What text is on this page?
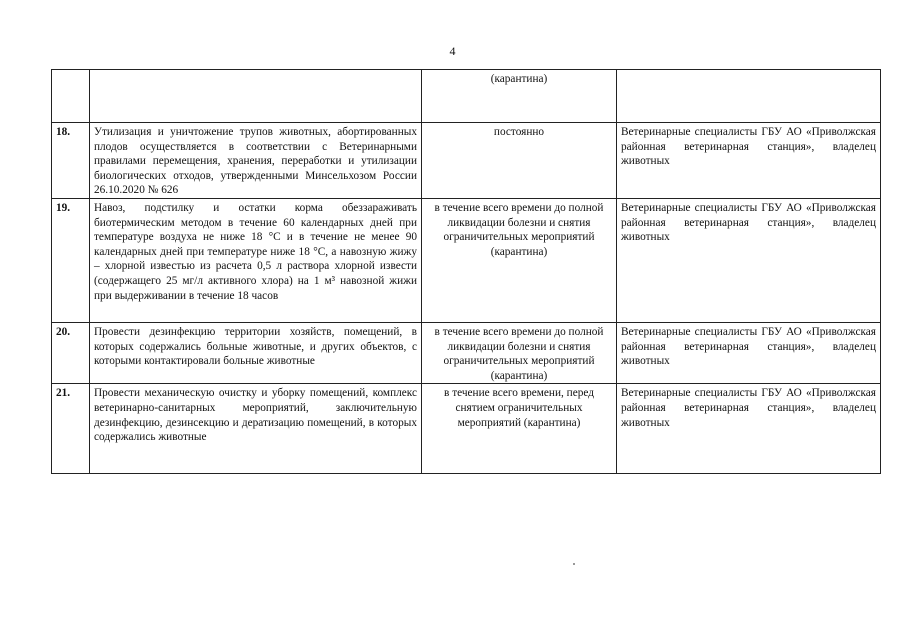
4
		(карантина)	
18.	Утилизация и уничтожение трупов животных, абортированных плодов осуществляется в соответствии с Ветеринарными правилами перемещения, хранения, переработки и утилизации биологических отходов, утвержденными Минсельхозом России 26.10.2020 № 626	постоянно	Ветеринарные специалисты ГБУ АО «Приволжская районная ветеринарная станция», владелец животных
19.	Навоз, подстилку и остатки корма обеззараживать биотермическим методом в течение 60 календарных дней при температуре воздуха не ниже 18 °С и в течение не менее 90 календарных дней при температуре ниже 18 °С, а навозную жижу – хлорной известью из расчета 0,5 л раствора хлорной извести (содержащего 25 мг/л активного хлора) на 1 м³ навозной жижи при выдерживании в течение 18 часов	в течение всего времени до полной ликвидации болезни и снятия ограничительных мероприятий (карантина)	Ветеринарные специалисты ГБУ АО «Приволжская районная ветеринарная станция», владелец животных
20.	Провести дезинфекцию территории хозяйств, помещений, в которых содержались больные животные, и других объектов, с которыми контактировали больные животные	в течение всего времени до полной ликвидации болезни и снятия ограничительных мероприятий (карантина)	Ветеринарные специалисты ГБУ АО «Приволжская районная ветеринарная станция», владелец животных
21.	Провести механическую очистку и уборку помещений, комплекс ветеринарно-санитарных мероприятий, заключительную дезинфекцию, дезинсекцию и дератизацию помещений, в которых содержались животные	в течение всего времени, перед снятием ограничительных мероприятий (карантина)	Ветеринарные специалисты ГБУ АО «Приволжская районная ветеринарная станция», владелец животных
